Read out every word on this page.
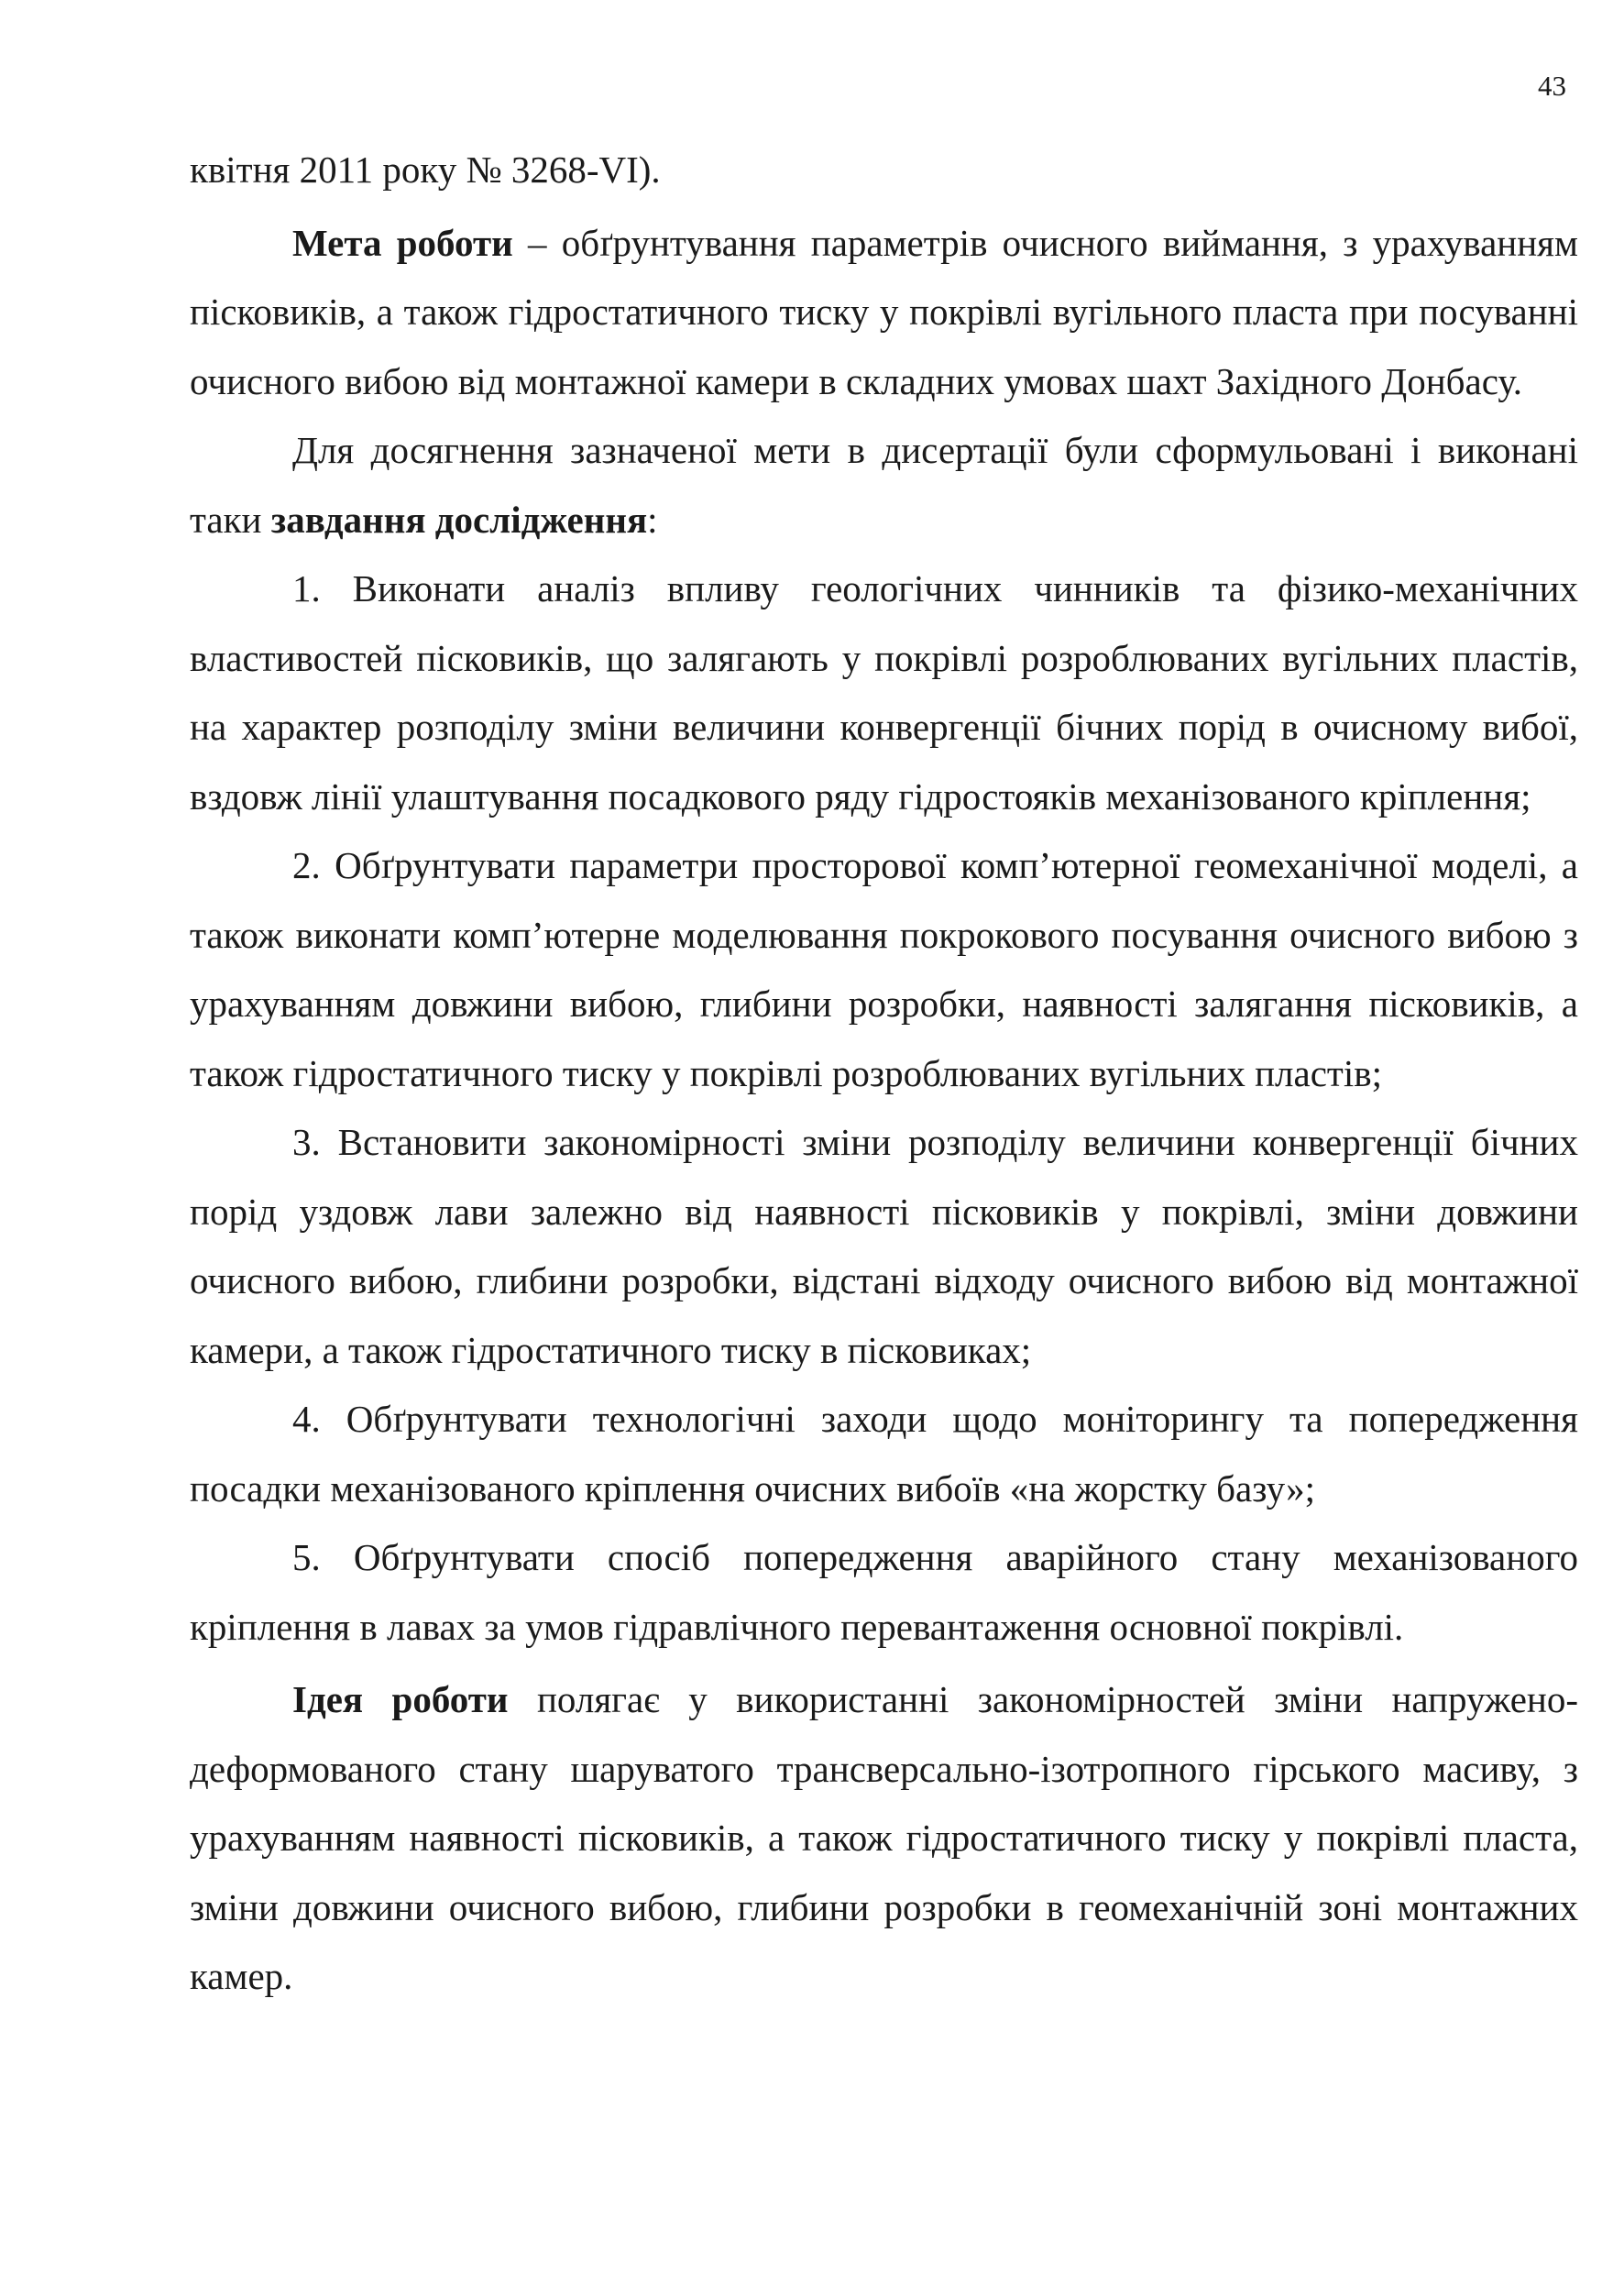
43

квітня 2011 року № 3268-VI).

Мета роботи – обґрунтування параметрів очисного виймання, з урахуванням пісковиків, а також гідростатичного тиску у покрівлі вугільного пласта при посуванні очисного вибою від монтажної камери в складних умовах шахт Західного Донбасу.

Для досягнення зазначеної мети в дисертації були сформульовані і виконані таки завдання дослідження:

1. Виконати аналіз впливу геологічних чинників та фізико-механічних властивостей пісковиків, що залягають у покрівлі розроблюваних вугільних пластів, на характер розподілу зміни величини конвергенції бічних порід в очисному вибої, вздовж лінії улаштування посадкового ряду гідростояків механізованого кріплення;

2. Обґрунтувати параметри просторової комп’ютерної геомеханічної моделі, а також виконати комп’ютерне моделювання покрокового посування очисного вибою з урахуванням довжини вибою, глибини розробки, наявності залягання пісковиків, а також гідростатичного тиску у покрівлі розроблюваних вугільних пластів;

3. Встановити закономірності зміни розподілу величини конвергенції бічних порід уздовж лави залежно від наявності пісковиків у покрівлі, зміни довжини очисного вибою, глибини розробки, відстані відходу очисного вибою від монтажної камери, а також гідростатичного тиску в пісковиках;

4. Обґрунтувати технологічні заходи щодо моніторингу та попередження посадки механізованого кріплення очисних вибоїв «на жорстку базу»;

5. Обґрунтувати спосіб попередження аварійного стану механізованого кріплення в лавах за умов гідравлічного перевантаження основної покрівлі.

Ідея роботи полягає у використанні закономірностей зміни напружено-деформованого стану шаруватого трансверсально-ізотропного гірського масиву, з урахуванням наявності пісковиків, а також гідростатичного тиску у покрівлі пласта, зміни довжини очисного вибою, глибини розробки в геомеханічній зоні монтажних камер.
